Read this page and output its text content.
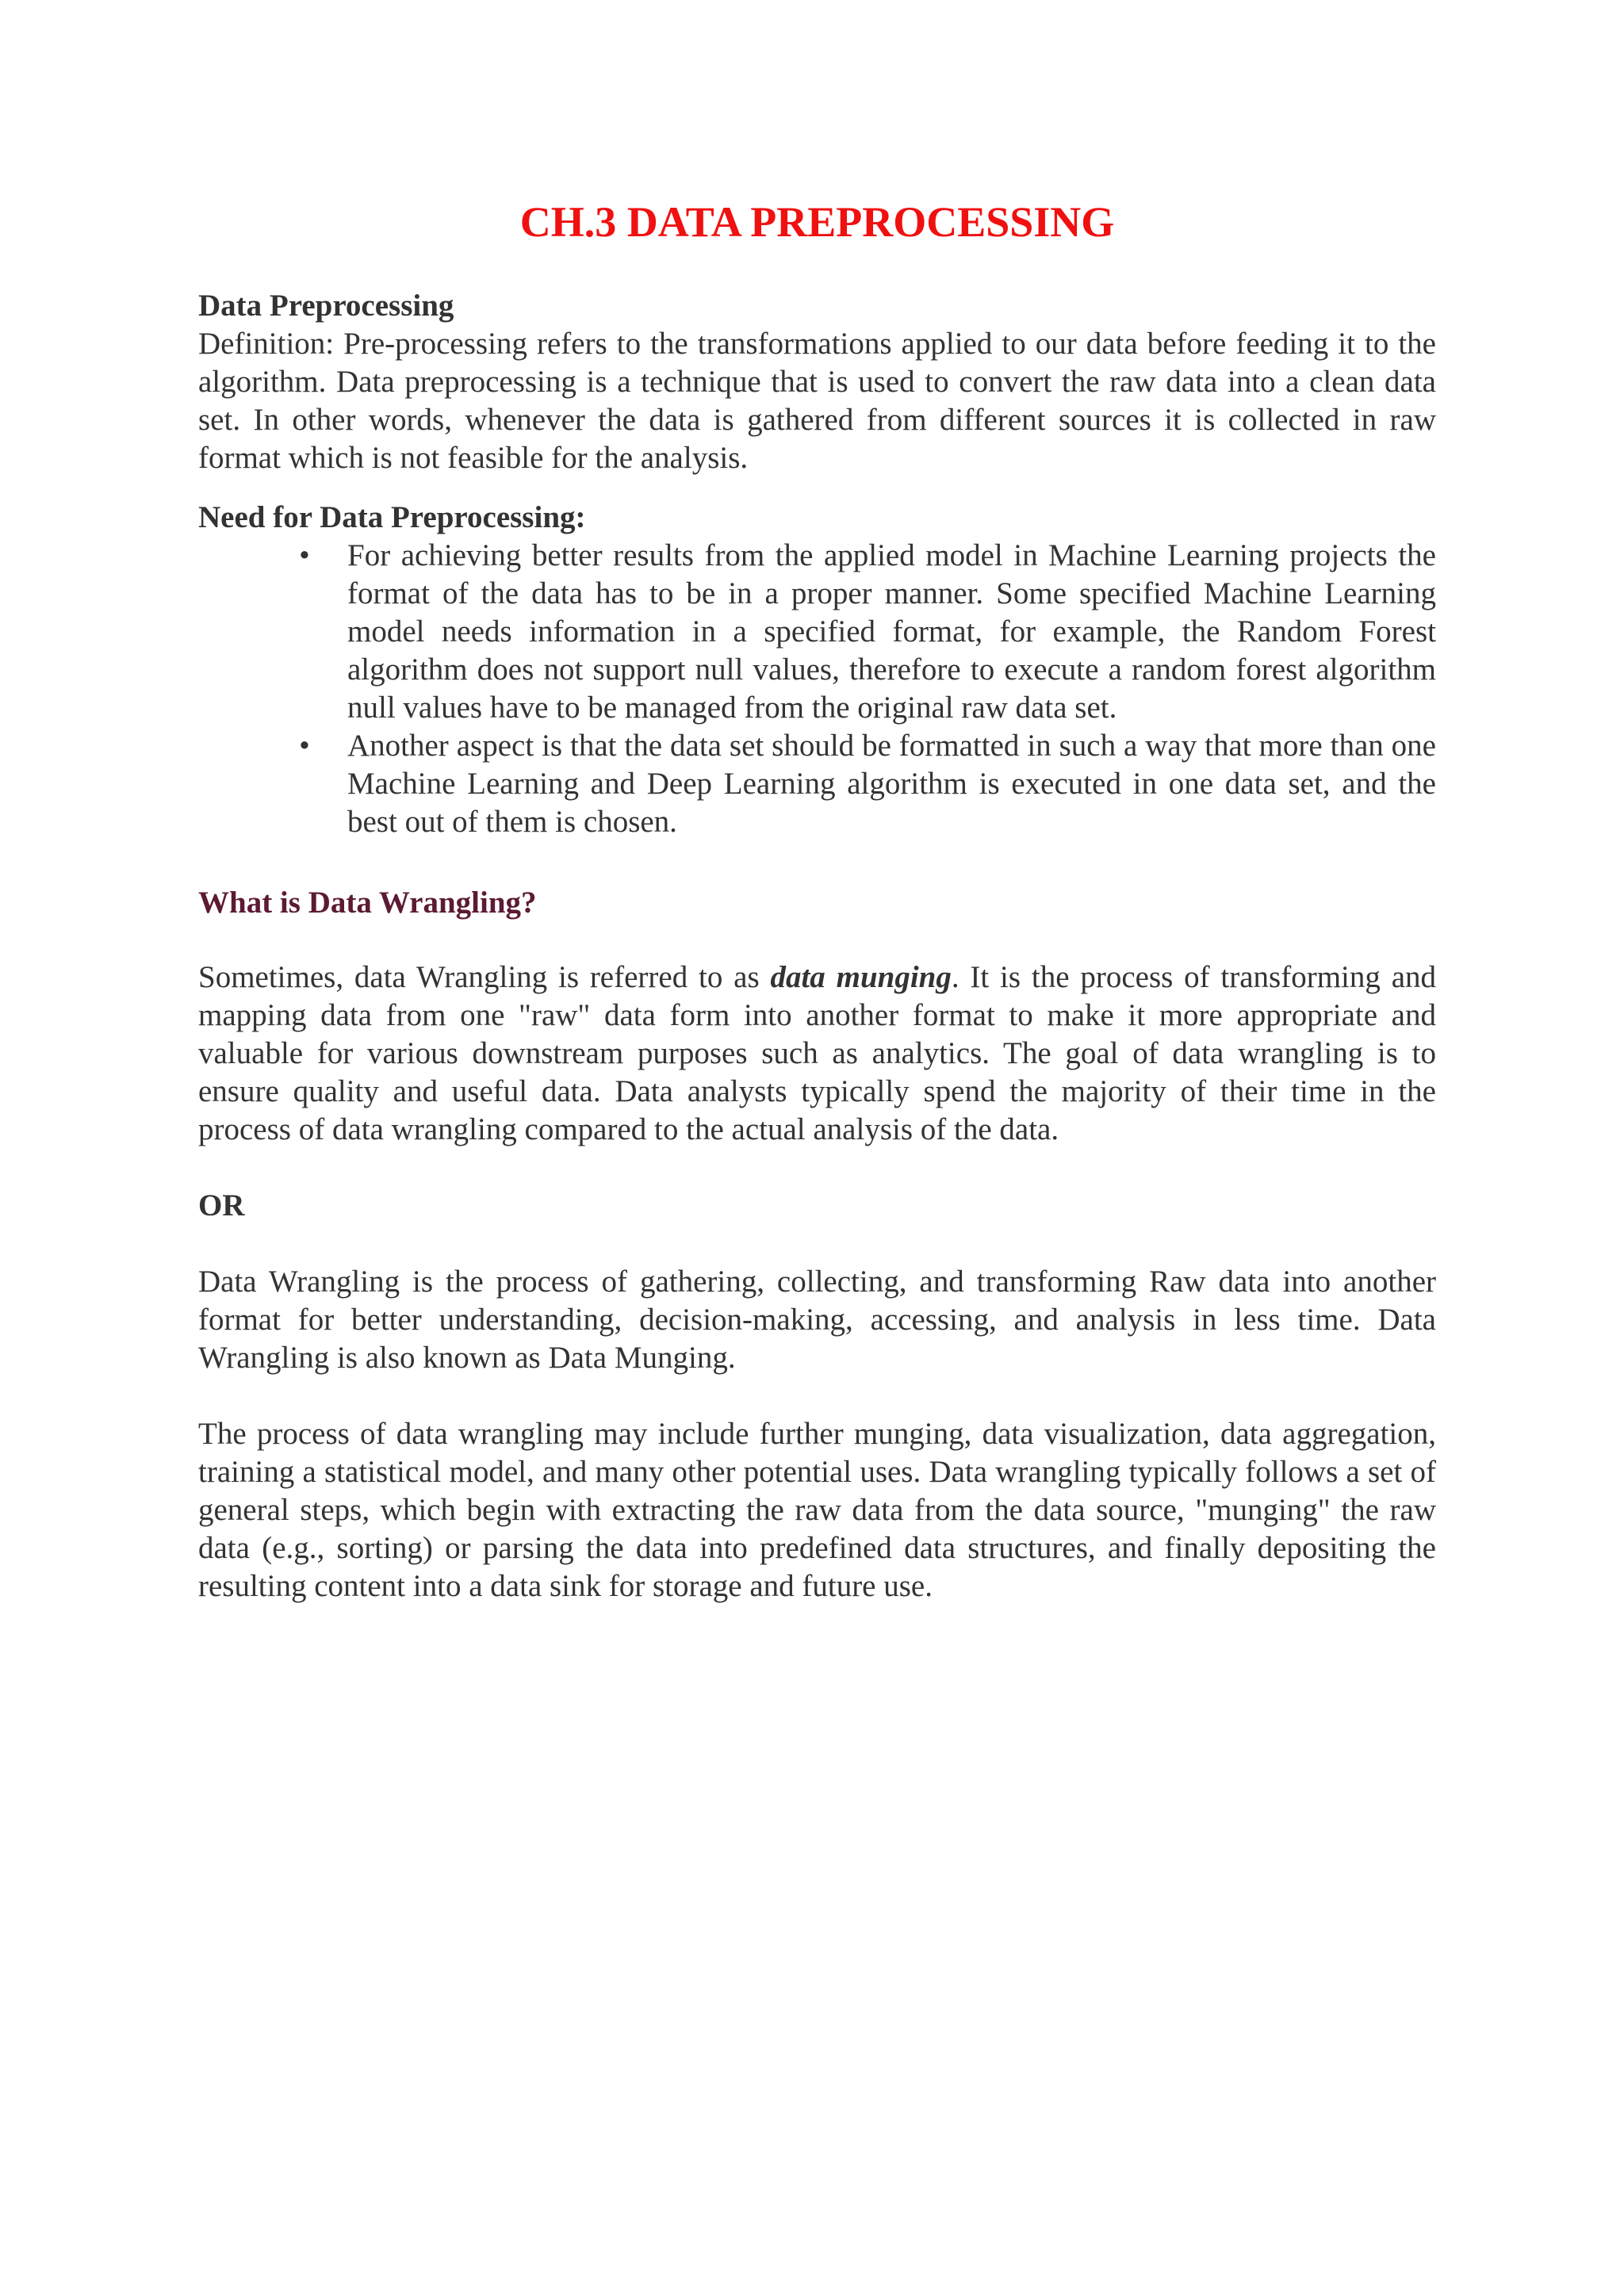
CH.3 DATA PREPROCESSING
Data Preprocessing

Definition: Pre-processing refers to the transformations applied to our data before feeding it to the algorithm. Data preprocessing is a technique that is used to convert the raw data into a clean data set. In other words, whenever the data is gathered from different sources it is collected in raw format which is not feasible for the analysis.

Need for Data Preprocessing:
• For achieving better results from the applied model in Machine Learning projects the format of the data has to be in a proper manner. Some specified Machine Learning model needs information in a specified format, for example, the Random Forest algorithm does not support null values, therefore to execute a random forest algorithm null values have to be managed from the original raw data set.
• Another aspect is that the data set should be formatted in such a way that more than one Machine Learning and Deep Learning algorithm is executed in one data set, and the best out of them is chosen.
What is Data Wrangling?

Sometimes, data Wrangling is referred to as data munging. It is the process of transforming and mapping data from one "raw" data form into another format to make it more appropriate and valuable for various downstream purposes such as analytics. The goal of data wrangling is to ensure quality and useful data. Data analysts typically spend the majority of their time in the process of data wrangling compared to the actual analysis of the data.

OR

Data Wrangling is the process of gathering, collecting, and transforming Raw data into another format for better understanding, decision-making, accessing, and analysis in less time. Data Wrangling is also known as Data Munging.

The process of data wrangling may include further munging, data visualization, data aggregation, training a statistical model, and many other potential uses. Data wrangling typically follows a set of general steps, which begin with extracting the raw data from the data source, "munging" the raw data (e.g., sorting) or parsing the data into predefined data structures, and finally depositing the resulting content into a data sink for storage and future use.
